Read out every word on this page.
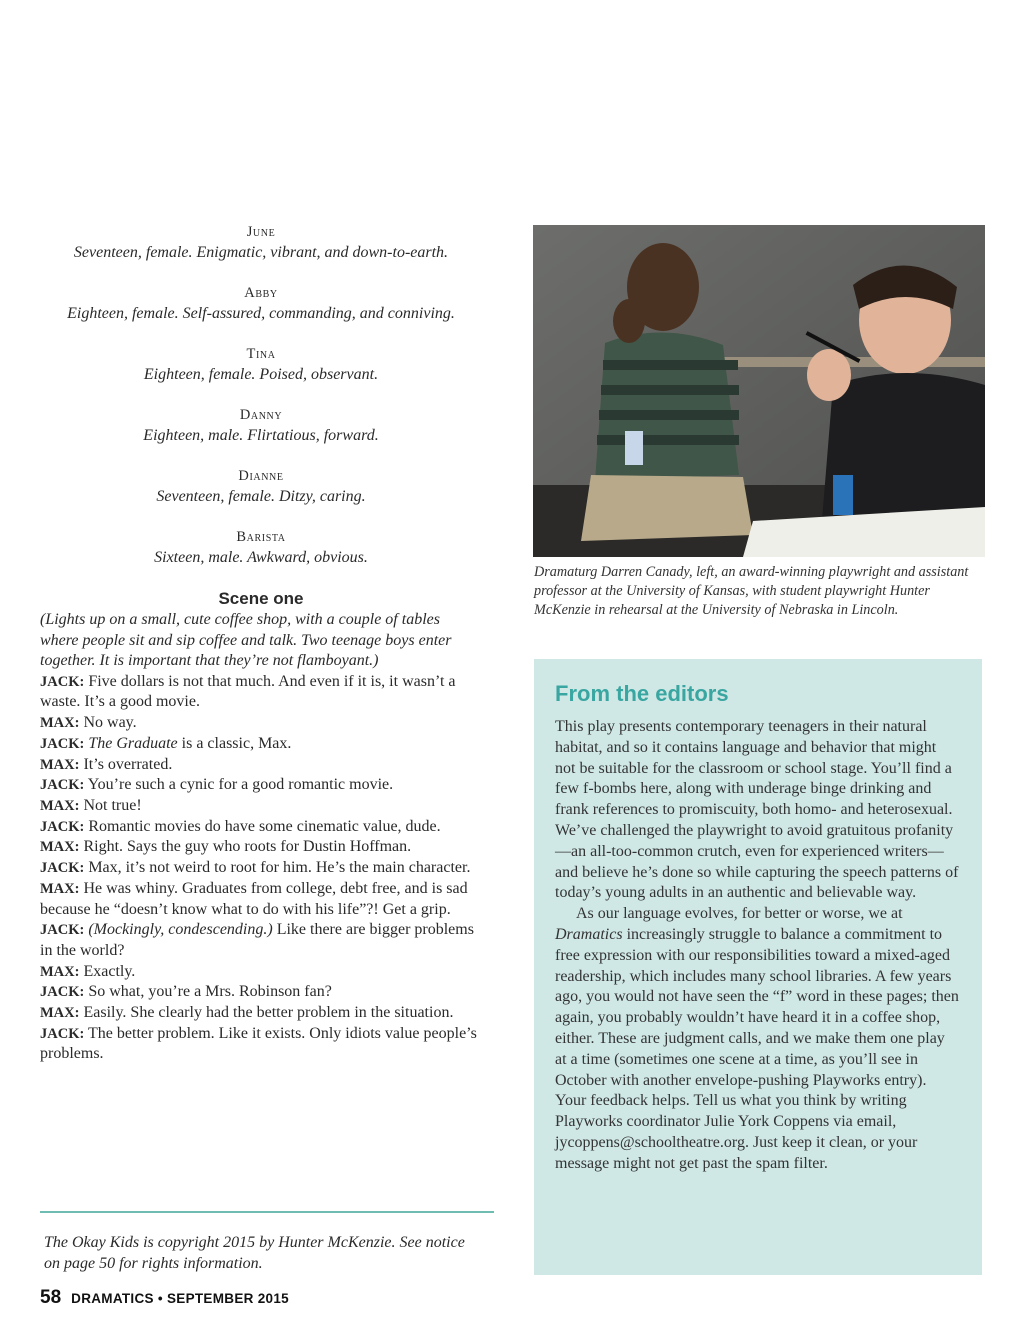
June
Seventeen, female. Enigmatic, vibrant, and down-to-earth.
Abby
Eighteen, female. Self-assured, commanding, and conniving.
Tina
Eighteen, female. Poised, observant.
Danny
Eighteen, male. Flirtatious, forward.
Dianne
Seventeen, female. Ditzy, caring.
Barista
Sixteen, male. Awkward, obvious.
Scene one
(Lights up on a small, cute coffee shop, with a couple of tables where people sit and sip coffee and talk. Two teenage boys enter together. It is important that they’re not flamboyant.)
JACK: Five dollars is not that much. And even if it is, it wasn’t a waste. It’s a good movie.
MAX: No way.
JACK: The Graduate is a classic, Max.
MAX: It’s overrated.
JACK: You’re such a cynic for a good romantic movie.
MAX: Not true!
JACK: Romantic movies do have some cinematic value, dude.
MAX: Right. Says the guy who roots for Dustin Hoffman.
JACK: Max, it’s not weird to root for him. He’s the main character.
MAX: He was whiny. Graduates from college, debt free, and is sad because he “doesn’t know what to do with his life”?! Get a grip.
JACK: (Mockingly, condescending.) Like there are bigger problems in the world?
MAX: Exactly.
JACK: So what, you’re a Mrs. Robinson fan?
MAX: Easily. She clearly had the better problem in the situation.
JACK: The better problem. Like it exists. Only idiots value people’s problems.
The Okay Kids is copyright 2015 by Hunter McKenzie. See notice on page 50 for rights information.
58 DRAMATICS • SEPTEMBER 2015
Dramaturg Darren Canady, left, an award-winning playwright and assistant professor at the University of Kansas, with student playwright Hunter McKenzie in rehearsal at the University of Nebraska in Lincoln.
From the editors

This play presents contemporary teenagers in their natural habitat, and so it contains language and behavior that might not be suitable for the classroom or school stage. You’ll find a few f-bombs here, along with underage binge drinking and frank references to promiscuity, both homo- and heterosexual. We’ve challenged the playwright to avoid gratuitous profanity—an all-too-common crutch, even for experienced writers—and believe he’s done so while capturing the speech patterns of today’s young adults in an authentic and believable way.

As our language evolves, for better or worse, we at Dramatics increasingly struggle to balance a commitment to free expression with our responsibilities toward a mixed-aged readership, which includes many school libraries. A few years ago, you would not have seen the “f” word in these pages; then again, you probably wouldn’t have heard it in a coffee shop, either. These are judgment calls, and we make them one play at a time (sometimes one scene at a time, as you’ll see in October with another envelope-pushing Playworks entry). Your feedback helps. Tell us what you think by writing Playworks coordinator Julie York Coppens via email, jycoppens@schooltheatre.org. Just keep it clean, or your message might not get past the spam filter.
